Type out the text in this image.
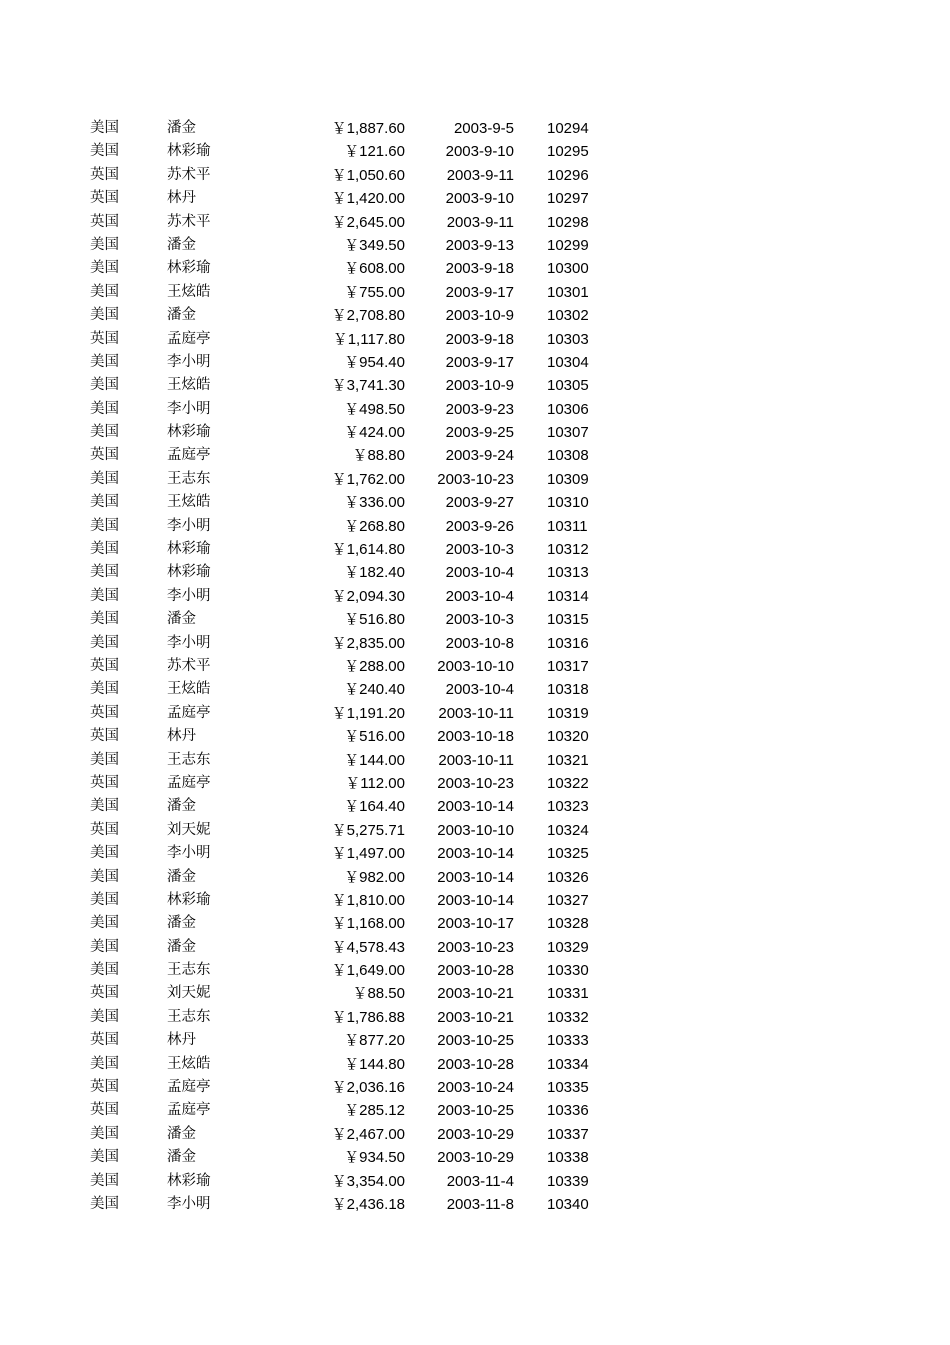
美国	潘金	￥1,887.60	2003-9-5 10294
美国	林彩瑜	￥121.60	2003-9-10 10295
英国	苏术平	￥1,050.60	2003-9-11 10296
英国	林丹	￥1,420.00	2003-9-10 10297
英国	苏术平	￥2,645.00	2003-9-11 10298
美国	潘金	￥349.50	2003-9-13 10299
美国	林彩瑜	￥608.00	2003-9-18 10300
美国	王炫皓	￥755.00	2003-9-17 10301
美国	潘金	￥2,708.80	2003-10-9 10302
英国	孟庭亭	￥1,117.80	2003-9-18 10303
美国	李小明	￥954.40	2003-9-17 10304
美国	王炫皓	￥3,741.30	2003-10-9 10305
美国	李小明	￥498.50	2003-9-23 10306
美国	林彩瑜	￥424.00	2003-9-25 10307
英国	孟庭亭	￥88.80	2003-9-24 10308
美国	王志东	￥1,762.00 2003-10-23 10309
美国	王炫皓	￥336.00	2003-9-27 10310
美国	李小明	￥268.80	2003-9-26 10311
美国	林彩瑜	￥1,614.80	2003-10-3 10312
美国	林彩瑜	￥182.40	2003-10-4 10313
美国	李小明	￥2,094.30	2003-10-4 10314
美国	潘金	￥516.80	2003-10-3 10315
美国	李小明	￥2,835.00	2003-10-8 10316
英国	苏术平	￥288.00 2003-10-10 10317
美国	王炫皓	￥240.40	2003-10-4 10318
英国	孟庭亭	￥1,191.20 2003-10-11 10319
英国	林丹	￥516.00 2003-10-18 10320
美国	王志东	￥144.00 2003-10-11 10321
英国	孟庭亭	￥112.00 2003-10-23 10322
美国	潘金	￥164.40 2003-10-14 10323
英国	刘天妮	￥5,275.71 2003-10-10 10324
美国	李小明	￥1,497.00 2003-10-14 10325
美国	潘金	￥982.00 2003-10-14 10326
美国	林彩瑜	￥1,810.00 2003-10-14 10327
美国	潘金	￥1,168.00 2003-10-17 10328
美国	潘金	￥4,578.43 2003-10-23 10329
美国	王志东	￥1,649.00 2003-10-28 10330
英国	刘天妮	￥88.50 2003-10-21 10331
美国	王志东	￥1,786.88 2003-10-21 10332
英国	林丹	￥877.20 2003-10-25 10333
美国	王炫皓	￥144.80 2003-10-28 10334
英国	孟庭亭	￥2,036.16 2003-10-24 10335
英国	孟庭亭	￥285.12 2003-10-25 10336
美国	潘金	￥2,467.00 2003-10-29 10337
美国	潘金	￥934.50 2003-10-29 10338
美国	林彩瑜	￥3,354.00	2003-11-4 10339
美国	李小明	￥2,436.18	2003-11-8 10340
